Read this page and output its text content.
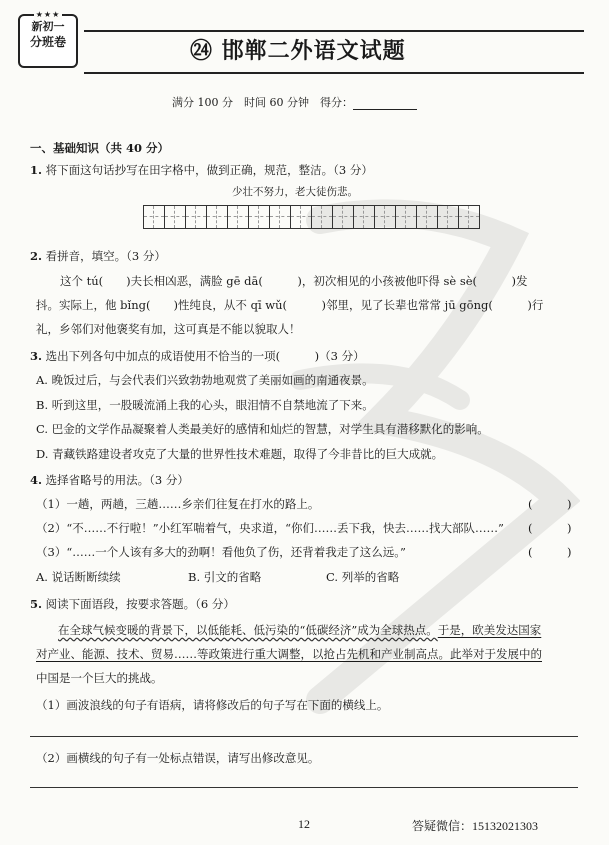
★★★
新初一
分班卷	㉔ 邯郸二外语文试题
满分 100 分　时间 60 分钟　得分：
一、基础知识（共 40 分）
1. 将下面这句话抄写在田字格中，做到正确，规范，整洁。（3 分）
少壮不努力，老大徒伤悲。
2. 看拼音，填空。（3 分）
这个 tú(　　)夫长相凶恶，满脸 gē dā(　　　)，初次相见的小孩被他吓得 sè sè(　　　)发
抖。实际上，他 bǐng(　　)性纯良，从不 qī wǔ(　　　)邻里，见了长辈也常常 jū gōng(　　　)行
礼，乡邻们对他褒奖有加，这可真是不能以貌取人！
3. 选出下列各句中加点的成语使用不恰当的一项(　　　)（3 分）
A. 晚饭过后，与会代表们兴致勃勃地观赏了美丽如画的南通夜景。
B. 听到这里，一股暖流涌上我的心头，眼泪情不自禁地流了下来。
C. 巴金的文学作品凝聚着人类最美好的感情和灿烂的智慧，对学生具有潜移默化的影响。
D. 青藏铁路建设者攻克了大量的世界性技术难题，取得了今非昔比的巨大成就。
4. 选择省略号的用法。（3 分）
（1）一趟，两趟，三趟……乡亲们往复在打水的路上。	(　　　)
（2）“不……不行啦！”小红军喘着气，央求道，“你们……丢下我，快去……找大部队……” (　　　)
（3）“……一个人该有多大的劲啊！看他负了伤，还背着我走了这么远。”	(　　　)
A. 说话断断续续	B. 引文的省略	C. 列举的省略
5. 阅读下面语段，按要求答题。（6 分）
在全球气候变暖的背景下，以低能耗、低污染的“低碳经济”成为全球热点。于是，欧美发达国家
对产业、能源、技术、贸易……等政策进行重大调整，以抢占先机和产业制高点。此举对于发展中的
中国是一个巨大的挑战。
（1）画波浪线的句子有语病，请将修改后的句子写在下面的横线上。
（2）画横线的句子有一处标点错误，请写出修改意见。
12	答疑微信：15132021303
